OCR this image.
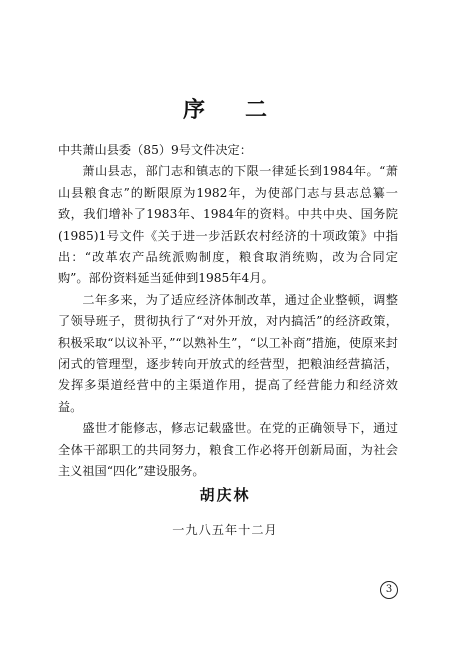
序二

中共萧山县委（85）9号文件决定：

萧山县志，部门志和镇志的下限一律延长到1984年。“萧山县粮食志”的断限原为1982年，为使部门志与县志总纂一致，我们增补了1983年、1984年的资料。中共中央、国务院(1985)1号文件《关于进一步活跃农村经济的十项政策》中指出：“改革农产品统派购制度，粮食取消统购，改为合同定购”。部份资料延当延伸到1985年4月。

二年多来，为了适应经济体制改革，通过企业整顿，调整了领导班子，贯彻执行了“对外开放，对内搞活”的经济政策，积极采取“以议补平，”“以熟补生”，“以工补商”措施，使原来封闭式的管理型，逐步转向开放式的经营型，把粮油经营搞活，发挥多渠道经营中的主渠道作用，提高了经营能力和经济效益。

盛世才能修志，修志记载盛世。在党的正确领导下，通过全体干部职工的共同努力，粮食工作必将开创新局面，为社会主义祖国“四化”建设服务。

胡庆林
一九八五年十二月
3
